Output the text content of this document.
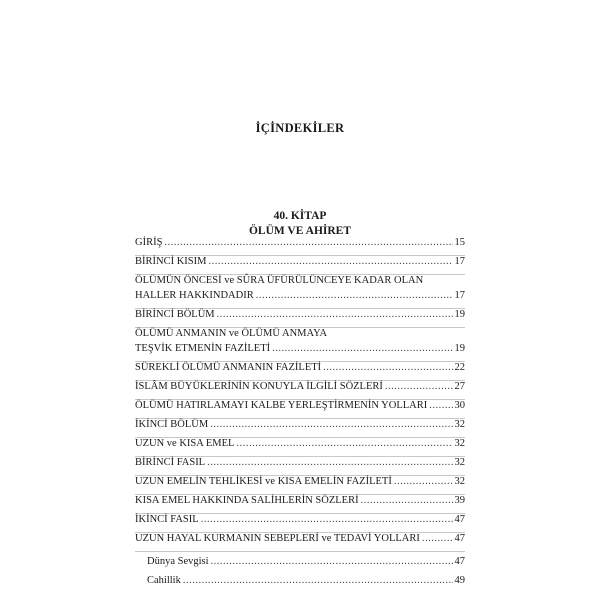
İÇİNDEKİLER
40. KİTAP
ÖLÜM VE AHİRET
GİRİŞ .....	15
BİRİNCİ KISIM .....	17
ÖLÜMÜN ÖNCESİ ve SÛRA ÜFÜRÜLÜNCEYE KADAR OLAN
HALLER HAKKINDADIR .....	17
BİRİNCİ BÖLÜM .....	19
ÖLÜMÜ ANMANIN ve ÖLÜMÜ ANMAYA
TEŞVİK ETMENİN FAZİLETİ .....	19
SÜREKLİ ÖLÜMÜ ANMANIN FAZİLETİ .....	22
İSLÂM BÜYÜKLERİNİN KONUYLA İLGİLİ SÖZLERİ .....	27
ÖLÜMÜ HATIRLAMAYI KALBE YERLEŞTİRMENİN YOLLARI .....	30
İKİNCİ BÖLÜM .....	32
UZUN ve KISA EMEL .....	32
BİRİNCİ FASIL .....	32
UZUN EMELİN TEHLİKESİ ve KISA EMELİN FAZİLETİ .....	32
KISA EMEL HAKKINDA SALİHLERİN SÖZLERİ .....	39
İKİNCİ FASIL .....	47
UZUN HAYAL KURMANIN SEBEPLERİ ve TEDAVİ YOLLARI .....	47
Dünya Sevgisi .....	47
Cahillik .....	49
